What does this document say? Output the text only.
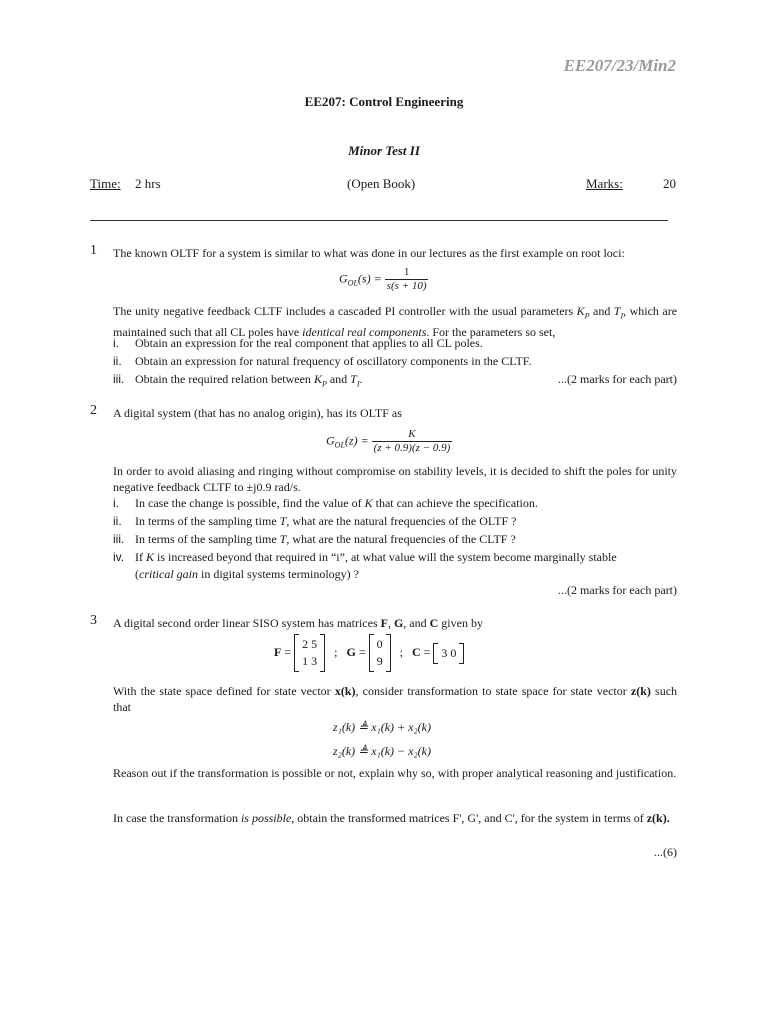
EE207/23/Min2
EE207: Control Engineering
Minor Test II
Time: 2 hrs	(Open Book)	Marks:	20
1 The known OLTF for a system is similar to what was done in our lectures as the first example on root loci:
$G_{OL}(s) = \frac{1}{s(s + 10)}$
The unity negative feedback CLTF includes a cascaded PI controller with the usual parameters $K_P$ and $T_I$, which are maintained such that all CL poles have identical real components. For the parameters so set,
i. Obtain an expression for the real component that applies to all CL poles.
ii. Obtain an expression for natural frequency of oscillatory components in the CLTF.
iii. Obtain the required relation between $K_P$ and $T_I$.	...(2 marks for each part)
2 A digital system (that has no analog origin), has its OLTF as
$G_{OL}(z) = \frac{K}{(z + 0.9)(z - 0.9)}$
In order to avoid aliasing and ringing without compromise on stability levels, it is decided to shift the poles for unity negative feedback CLTF to ±j0.9 rad/s.
i. In case the change is possible, find the value of K that can achieve the specification.
ii. In terms of the sampling time T, what are the natural frequencies of the OLTF ?
iii. In terms of the sampling time T, what are the natural frequencies of the CLTF ?
iv. If K is increased beyond that required in “i”, at what value will the system become marginally stable
(critical gain in digital systems terminology) ?
...(2 marks for each part)
3 A digital second order linear SISO system has matrices F, G, and C given by
F =
2 5
1 3
; G =
0
9
; C = 3 0
With the state space defined for state vector x(k), consider transformation to state space for state vector z(k) such that
z₁(k) ≜ x₁(k) + x₂(k)
z₂(k) ≜ x₁(k) − x₂(k)
Reason out if the transformation is possible or not, explain why so, with proper analytical reasoning and justification.
In case the transformation is possible, obtain the transformed matrices F', G', and C', for the system in terms of z(k).
...(6)
